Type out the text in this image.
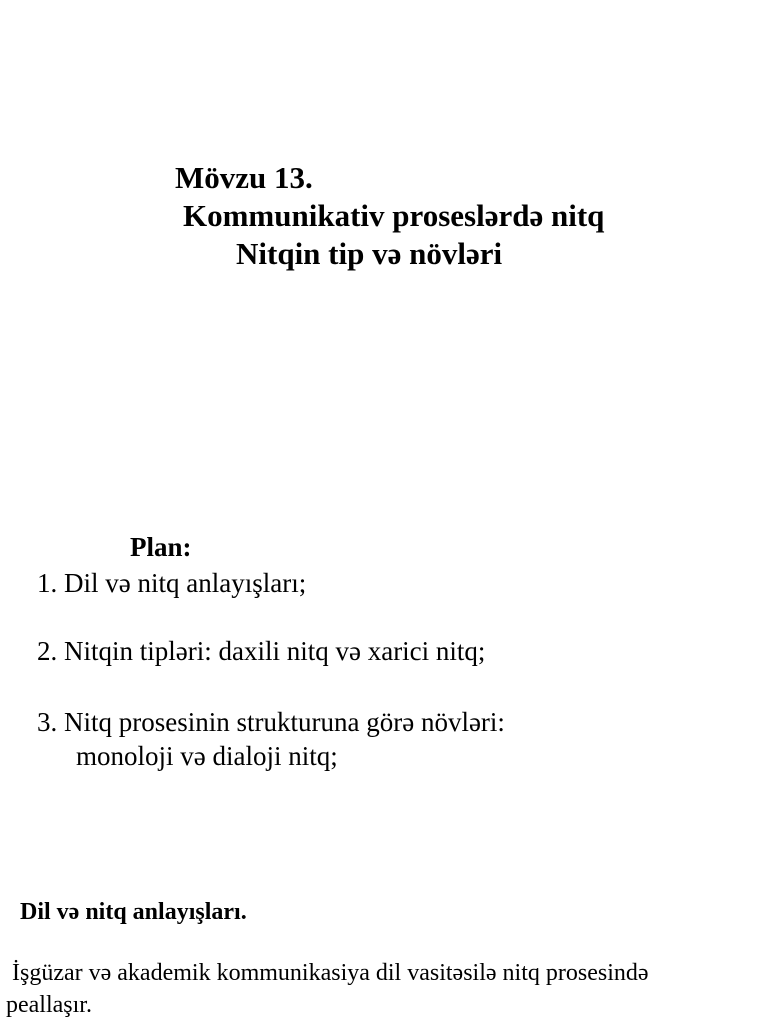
Mövzu 13.
Kommunikativ proseslərdə nitq
Nitqin tip və növləri
Plan:
1. Dil və nitq anlayışları;
2. Nitqin tipləri: daxili nitq və xarici nitq;
3. Nitq prosesinin strukturuna görə növləri:
monoloji və dialoji nitq;
Dil və nitq anlayışları.
İşgüzar və akademik kommunikasiya dil vasitəsilə nitq prosesində peallaşır.
